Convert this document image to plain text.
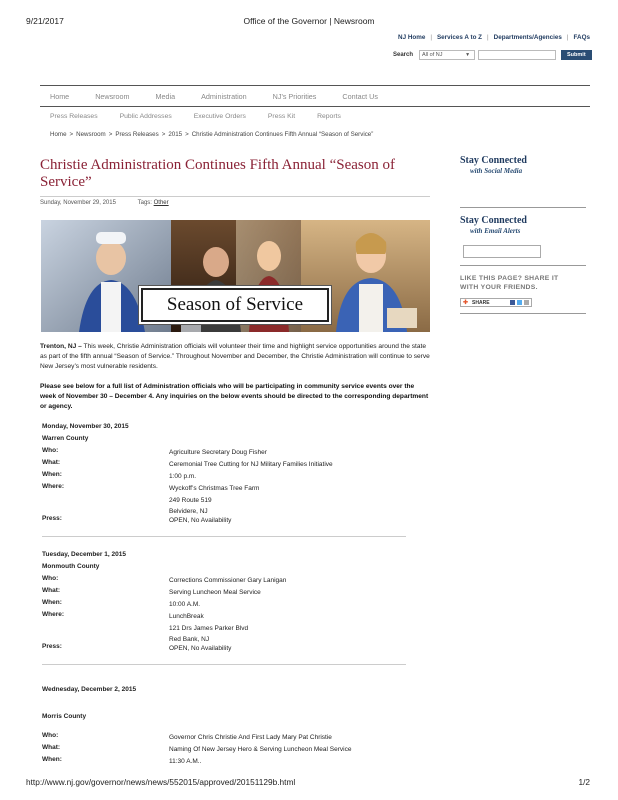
9/21/2017	Office of the Governor | Newsroom
NJ Home | Services A to Z | Departments/Agencies | FAQs
Search	All of NJ	▼	Submit
Home	Newsroom	Media	Administration	NJ's Priorities	Contact Us
Press Releases	Public Addresses	Executive Orders	Press Kit	Reports
Home > Newsroom > Press Releases > 2015 > Christie Administration Continues Fifth Annual “Season of Service”
Christie Administration Continues Fifth Annual “Season of Service”
Sunday, November 29, 2015	Tags: Other
Season of Service

Trenton, NJ – This week, Christie Administration officials will volunteer their time and highlight service opportunities around the state as part of the fifth annual “Season of Service.” Throughout November and December, the Christie Administration will continue to serve New Jersey’s most vulnerable residents.

Please see below for a full list of Administration officials who will be participating in community service events over the week of November 30 – December 4. Any inquiries on the below events should be directed to the corresponding department or agency.

Monday, November 30, 2015
Warren County
Who:	Agriculture Secretary Doug Fisher
What:	Ceremonial Tree Cutting for NJ Military Families Initiative
When:	1:00 p.m.
Where:	Wyckoff’s Christmas Tree Farm
249 Route 519
Belvidere, NJ
Press:	OPEN, No Availability
Tuesday, December 1, 2015
Monmouth County
Who:	Corrections Commissioner Gary Lanigan
What:	Serving Luncheon Meal Service
When:	10:00 A.M.
Where:	LunchBreak
121 Drs James Parker Blvd
Red Bank, NJ
Press:	OPEN, No Availability
Wednesday, December 2, 2015
Morris County
Who:	Governor Chris Christie And First Lady Mary Pat Christie
What:	Naming Of New Jersey Hero & Serving Luncheon Meal Service
When:	11:30 A.M..
Stay Connected
with Social Media
Stay Connected
with Email Alerts
LIKE THIS PAGE? SHARE IT
WITH YOUR FRIENDS.
✚ SHARE
http://www.nj.gov/governor/news/news/552015/approved/20151129b.html	1/2
